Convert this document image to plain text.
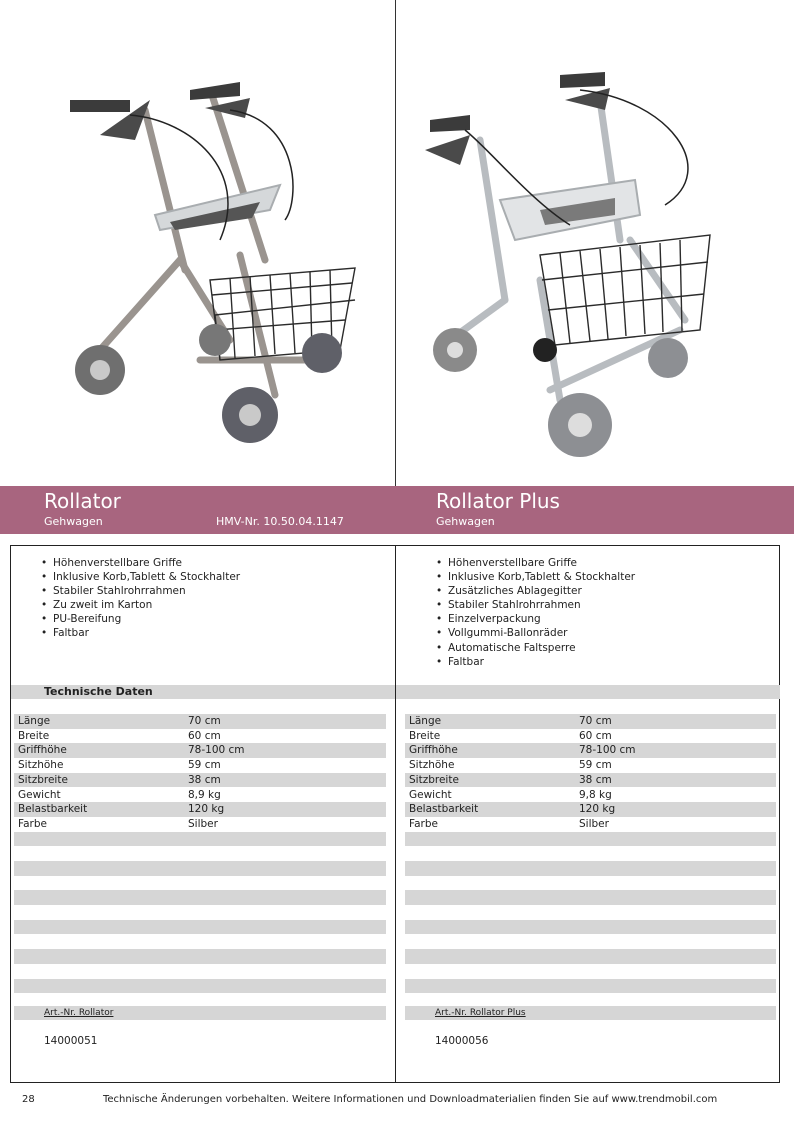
Rollator
Gehwagen	HMV-Nr. 10.50.04.1147
Rollator Plus
Gehwagen
• Höhenverstellbare Griffe
• Inklusive Korb,Tablett & Stockhalter
• Stabiler Stahlrohrrahmen
• Zu zweit im Karton
• PU-Bereifung
• Faltbar
Technische Daten
Länge	70 cm
Breite	60 cm
Griffhöhe	78-100 cm
Sitzhöhe	59 cm
Sitzbreite	38 cm
Gewicht	8,9 kg
Belastbarkeit	120 kg
Farbe	Silber
Art.-Nr. Rollator
14000051
• Höhenverstellbare Griffe
• Inklusive Korb,Tablett & Stockhalter
• Zusätzliches Ablagegitter
• Stabiler Stahlrohrrahmen
• Einzelverpackung
• Vollgummi-Ballonräder
• Automatische Faltsperre
• Faltbar
Länge	70 cm
Breite	60 cm
Griffhöhe	78-100 cm
Sitzhöhe	59 cm
Sitzbreite	38 cm
Gewicht	9,8 kg
Belastbarkeit	120 kg
Farbe	Silber
Art.-Nr. Rollator Plus
14000056
28	Technische Änderungen vorbehalten. Weitere Informationen und Downloadmaterialien finden Sie auf www.trendmobil.com
